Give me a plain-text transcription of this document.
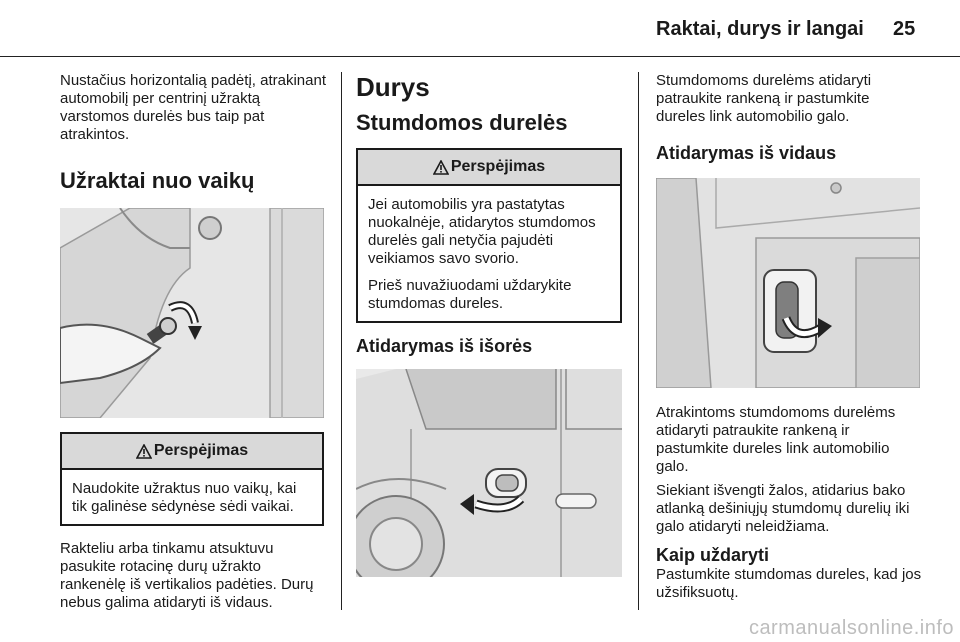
Raktai, durys ir langai 25

Nustačius horizontalią padėtį, atrakinant automobilį per centrinį užraktą varstomos durelės bus taip pat atrakintos.

Užraktai nuo vaikų
Perspėjimas

Naudokite užraktus nuo vaikų, kai tik galinėse sėdynėse sėdi vaikai.

Rakteliu arba tinkamu atsuktuvu pasukite rotacinę durų užrakto rankenėlę iš vertikalios padėties. Durų nebus galima atidaryti iš vidaus.

Durys
Stumdomos durelės
Perspėjimas

Jei automobilis yra pastatytas nuokalnėje, atidarytos stumdomos durelės gali netyčia pajudėti veikiamos savo svorio.

Prieš nuvažiuodami uždarykite stumdomas dureles.

Atidarymas iš išorės

Stumdomoms durelėms atidaryti patraukite rankeną ir pastumkite dureles link automobilio galo.

Atidarymas iš vidaus

Atrakintoms stumdomoms durelėms atidaryti patraukite rankeną ir pastumkite dureles link automobilio galo.

Siekiant išvengti žalos, atidarius bako atlanką dešiniųjų stumdomų durelių iki galo atidaryti neleidžiama.

Kaip uždaryti

Pastumkite stumdomas dureles, kad jos užsifiksuotų.

carmanualsonline.info
